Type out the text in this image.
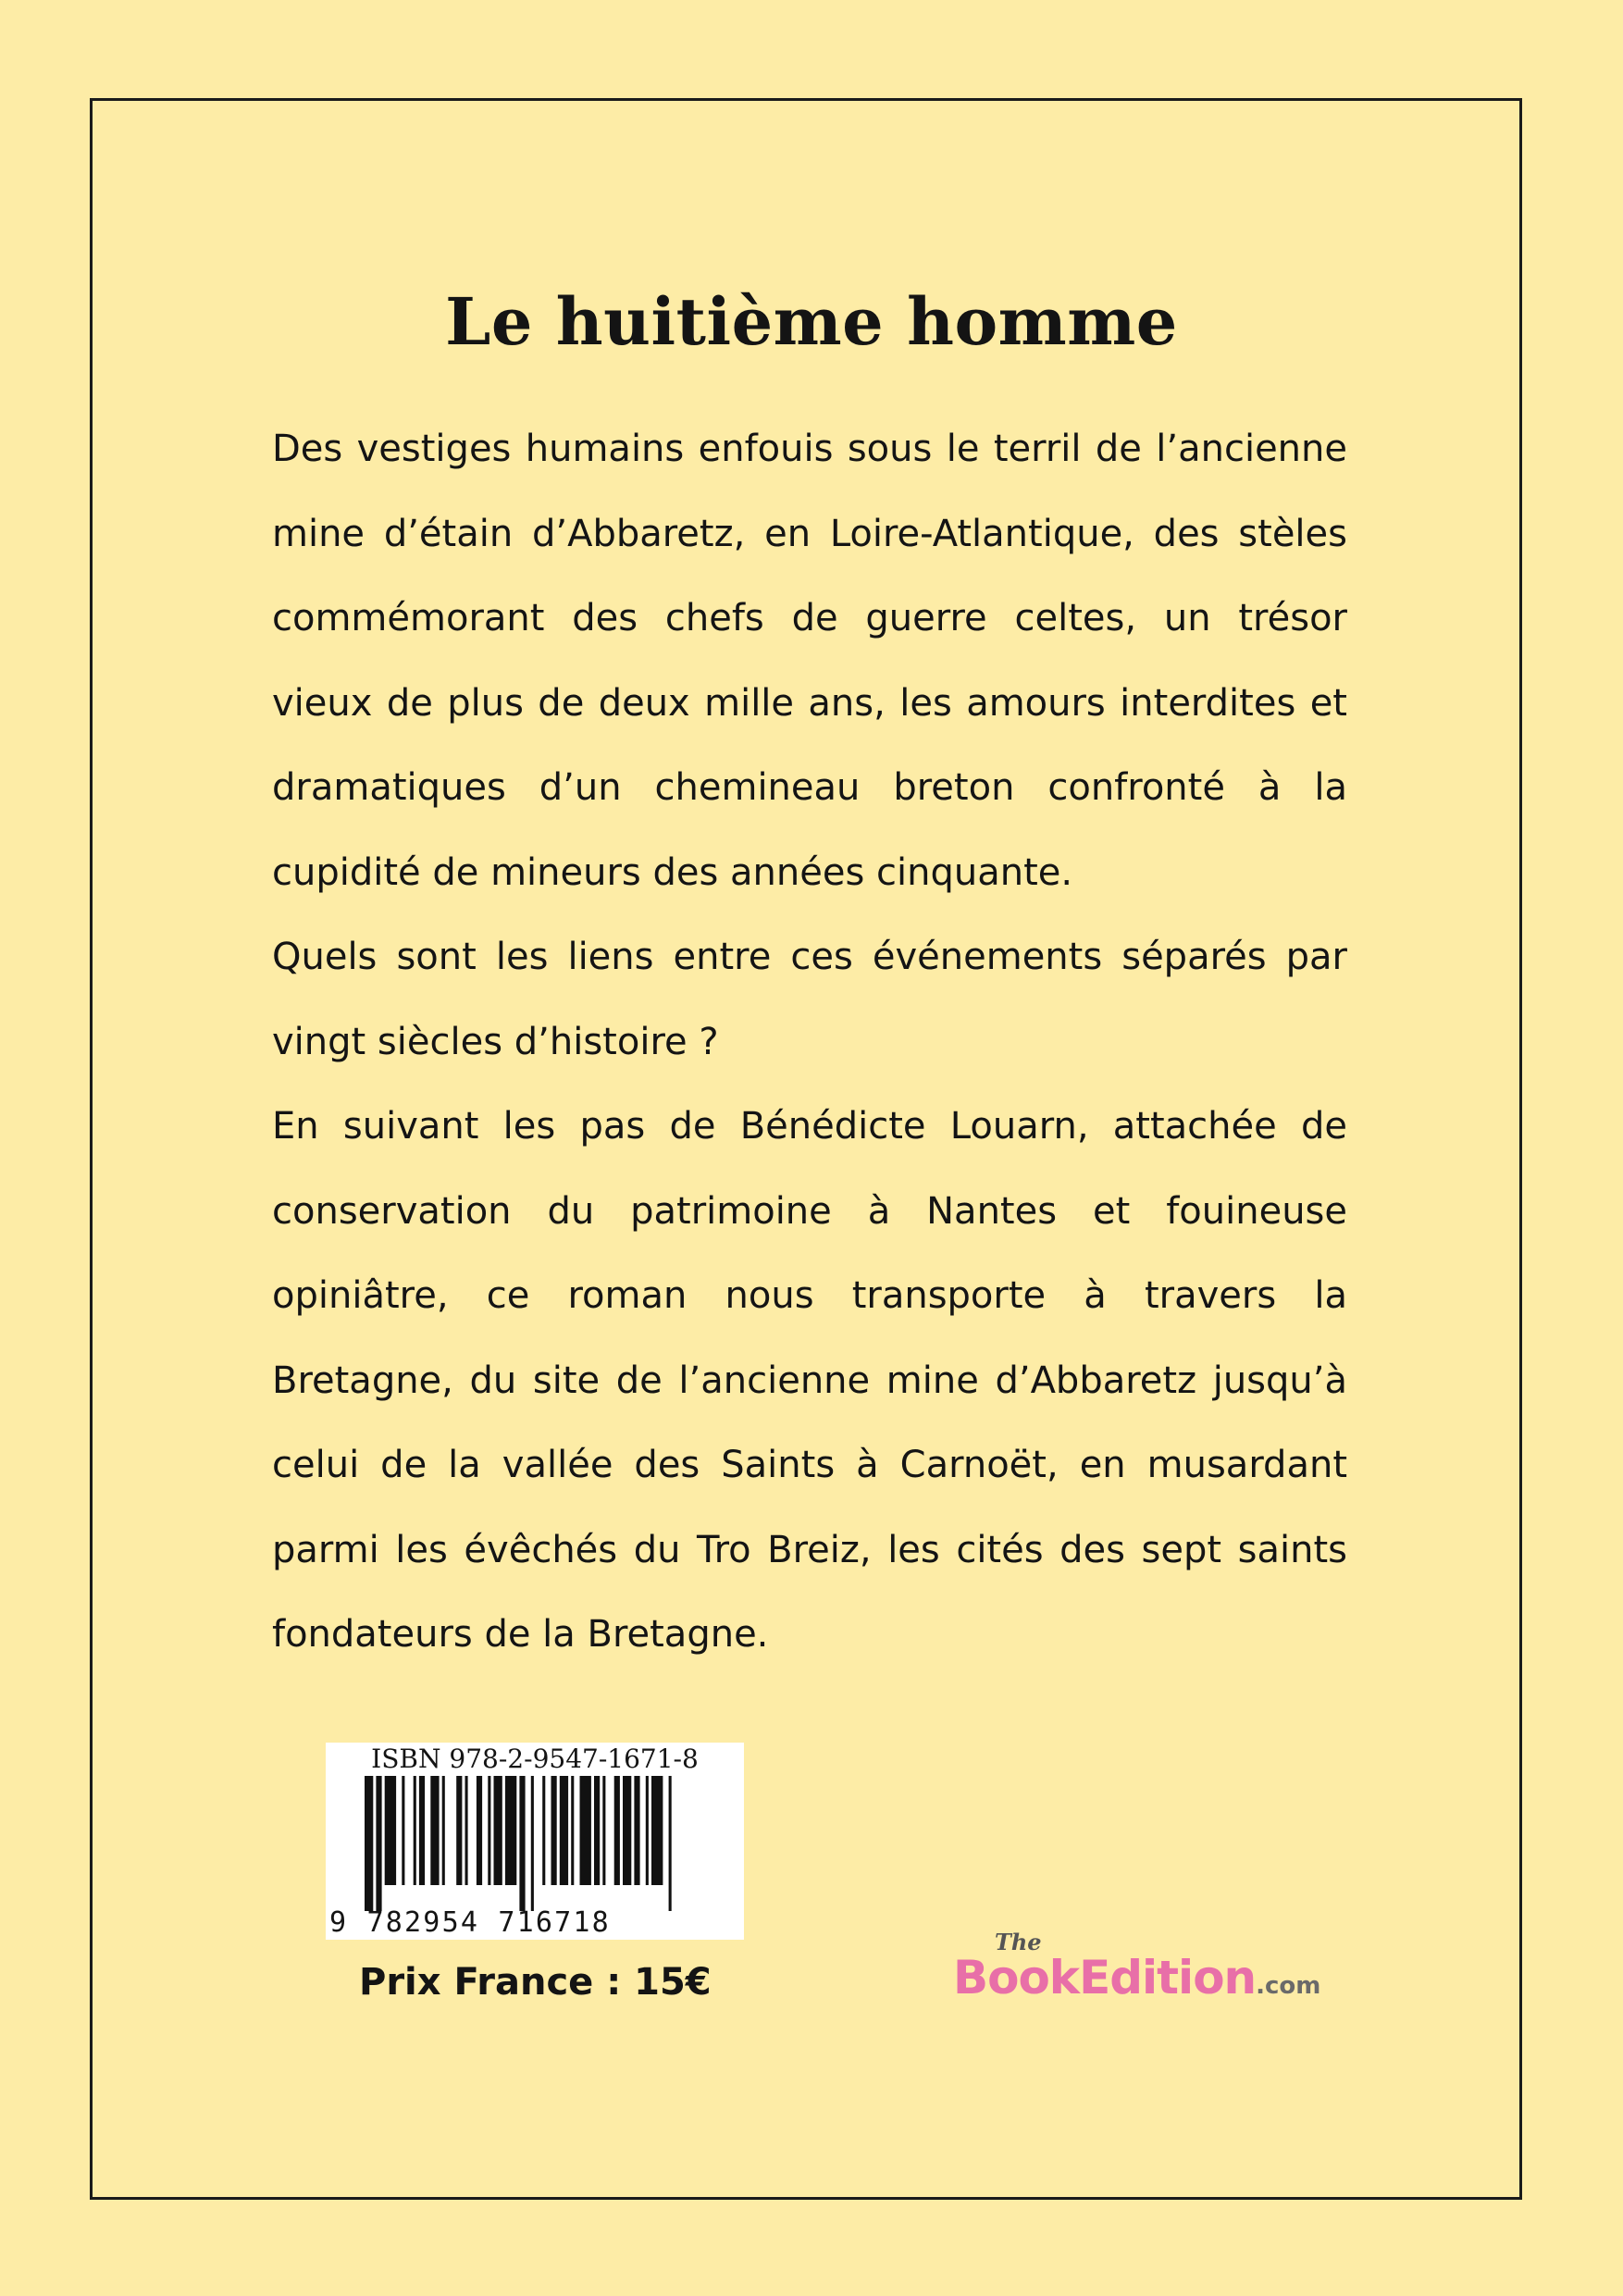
Le huitième homme

Des vestiges humains enfouis sous le terril de l’ancienne mine d’étain d’Abbaretz, en Loire-Atlantique, des stèles commémorant des chefs de guerre celtes, un trésor vieux de plus de deux mille ans, les amours interdites et dramatiques d’un chemineau breton confronté à la cupidité de mineurs des années cinquante.

Quels sont les liens entre ces événements séparés par vingt siècles d’histoire ?

En suivant les pas de Bénédicte Louarn, attachée de conservation du patrimoine à Nantes et fouineuse opiniâtre, ce roman nous transporte à travers la Bretagne, du site de l’ancienne mine d’Abbaretz jusqu’à celui de la vallée des Saints à Carnoët, en musardant parmi les évêchés du Tro Breiz, les cités des sept saints fondateurs de la Bretagne.

ISBN 978-2-9547-1671-8
9 782954 716718
Prix France : 15€
The
BookEdition.com
